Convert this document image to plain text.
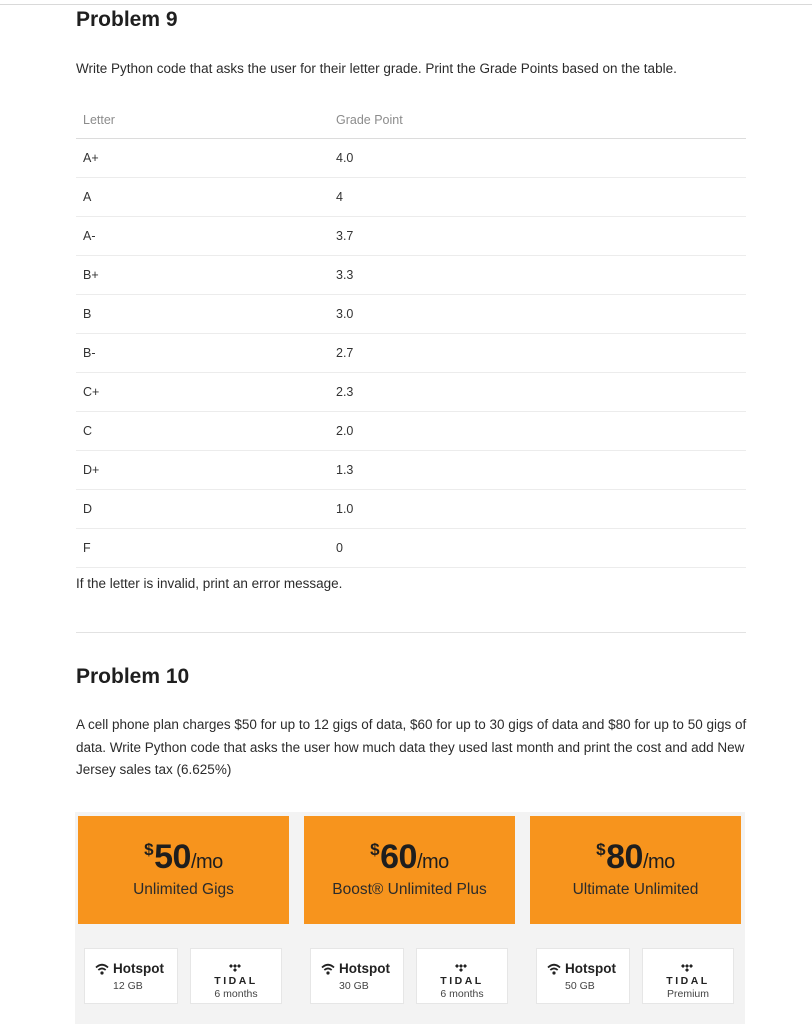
Problem 9

Write Python code that asks the user for their letter grade. Print the Grade Points based on the table.

Letter	Grade Point
A+	4.0
A	4
A-	3.7
B+	3.3
B	3.0
B-	2.7
C+	2.3
C	2.0
D+	1.3
D	1.0
F	0

If the letter is invalid, print an error message.

Problem 10

A cell phone plan charges $50 for up to 12 gigs of data, $60 for up to 30 gigs of data and $80 for up to 50 gigs of data. Write Python code that asks the user how much data they used last month and print the cost and add New Jersey sales tax (6.625%)

$50/mo
Unlimited Gigs
Hotspot
12 GB	TIDAL
6 months
$60/mo
Boost® Unlimited Plus
Hotspot
30 GB	TIDAL
6 months
$80/mo
Ultimate Unlimited
Hotspot
50 GB	TIDAL
Premium
